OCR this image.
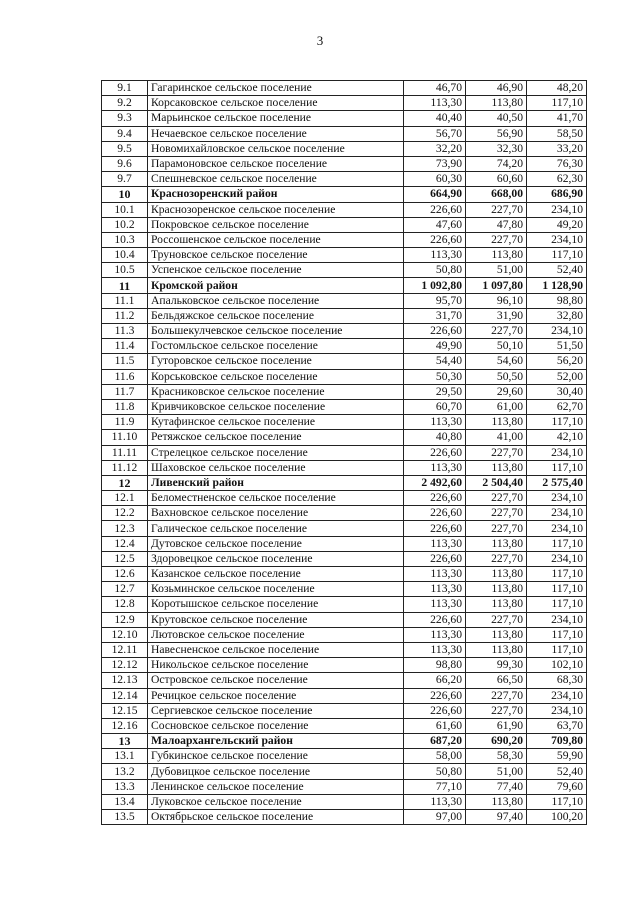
3
9.1	Гагаринское сельское поселение	46,70	46,90	48,20
9.2	Корсаковское сельское поселение	113,30	113,80	117,10
9.3	Марьинское сельское поселение	40,40	40,50	41,70
9.4	Нечаевское сельское поселение	56,70	56,90	58,50
9.5	Новомихайловское сельское поселение	32,20	32,30	33,20
9.6	Парамоновское сельское поселение	73,90	74,20	76,30
9.7	Спешневское сельское поселение	60,30	60,60	62,30
10	Краснозоренский район	664,90	668,00	686,90
10.1	Краснозоренское сельское поселение	226,60	227,70	234,10
10.2	Покровское сельское поселение	47,60	47,80	49,20
10.3	Россошенское сельское поселение	226,60	227,70	234,10
10.4	Труновское сельское поселение	113,30	113,80	117,10
10.5	Успенское сельское поселение	50,80	51,00	52,40
11	Кромской район	1 092,80	1 097,80	1 128,90
11.1	Апальковское сельское поселение	95,70	96,10	98,80
11.2	Бельдяжское сельское поселение	31,70	31,90	32,80
11.3	Большекулчевское сельское поселение	226,60	227,70	234,10
11.4	Гостомльское сельское поселение	49,90	50,10	51,50
11.5	Гуторовское сельское поселение	54,40	54,60	56,20
11.6	Корськовское сельское поселение	50,30	50,50	52,00
11.7	Красниковское сельское поселение	29,50	29,60	30,40
11.8	Кривчиковское сельское поселение	60,70	61,00	62,70
11.9	Кутафинское сельское поселение	113,30	113,80	117,10
11.10	Ретяжское сельское поселение	40,80	41,00	42,10
11.11	Стрелецкое сельское поселение	226,60	227,70	234,10
11.12	Шаховское сельское поселение	113,30	113,80	117,10
12	Ливенский район	2 492,60	2 504,40	2 575,40
12.1	Беломестненское сельское поселение	226,60	227,70	234,10
12.2	Вахновское сельское поселение	226,60	227,70	234,10
12.3	Галическое сельское поселение	226,60	227,70	234,10
12.4	Дутовское сельское поселение	113,30	113,80	117,10
12.5	Здоровецкое сельское поселение	226,60	227,70	234,10
12.6	Казанское сельское поселение	113,30	113,80	117,10
12.7	Козьминское сельское поселение	113,30	113,80	117,10
12.8	Коротышское сельское поселение	113,30	113,80	117,10
12.9	Крутовское сельское поселение	226,60	227,70	234,10
12.10	Лютовское сельское поселение	113,30	113,80	117,10
12.11	Навесненское сельское поселение	113,30	113,80	117,10
12.12	Никольское сельское поселение	98,80	99,30	102,10
12.13	Островское сельское поселение	66,20	66,50	68,30
12.14	Речицкое сельское поселение	226,60	227,70	234,10
12.15	Сергиевское сельское поселение	226,60	227,70	234,10
12.16	Сосновское сельское поселение	61,60	61,90	63,70
13	Малоархангельский район	687,20	690,20	709,80
13.1	Губкинское сельское поселение	58,00	58,30	59,90
13.2	Дубовицкое сельское поселение	50,80	51,00	52,40
13.3	Ленинское сельское поселение	77,10	77,40	79,60
13.4	Луковское сельское поселение	113,30	113,80	117,10
13.5	Октябрьское сельское поселение	97,00	97,40	100,20
